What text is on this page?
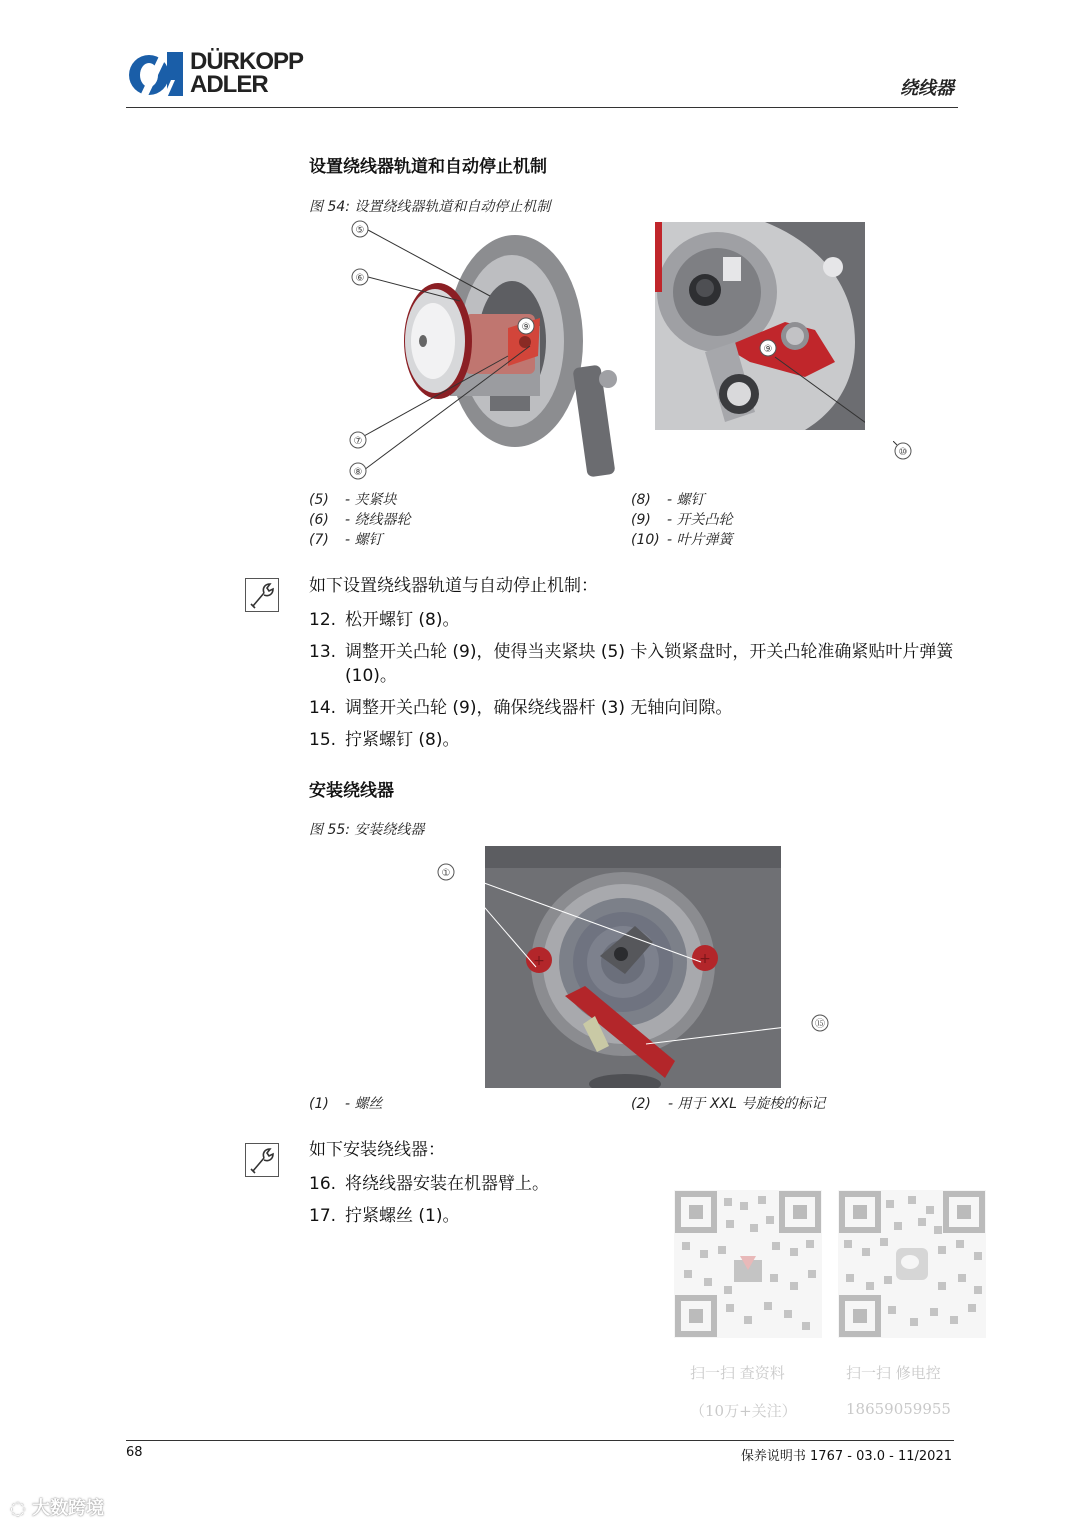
DÜRKOPP
ADLER	绕线器
设置绕线器轨道和自动停止机制
图 54: 设置绕线器轨道和自动停止机制
⑤
⑥
⑦
⑧
⑨
⑨
⑩
(5) - 夹紧块
(6) - 绕线器轮
(7) - 螺钉
(8) - 螺钉
(9) - 开关凸轮
(10) - 叶片弹簧
如下设置绕线器轨道与自动停止机制：
12. 松开螺钉 (8)。
13. 调整开关凸轮 (9)，使得当夹紧块 (5) 卡入锁紧盘时，开关凸轮准确紧贴叶片弹簧 (10)。
14. 调整开关凸轮 (9)，确保绕线器杆 (3) 无轴向间隙。
15. 拧紧螺钉 (8)。
安装绕线器
图 55: 安装绕线器
+	+
①
⑮
(1) - 螺丝	(2) - 用于 XXL 号旋梭的标记
如下安装绕线器：
16. 将绕线器安装在机器臂上。
17. 拧紧螺丝 (1)。
扫一扫 查资料
（10万+关注）
扫一扫 修电控
18659059955
68	保养说明书 1767 - 03.0 - 11/2021
◌ 大数跨境
